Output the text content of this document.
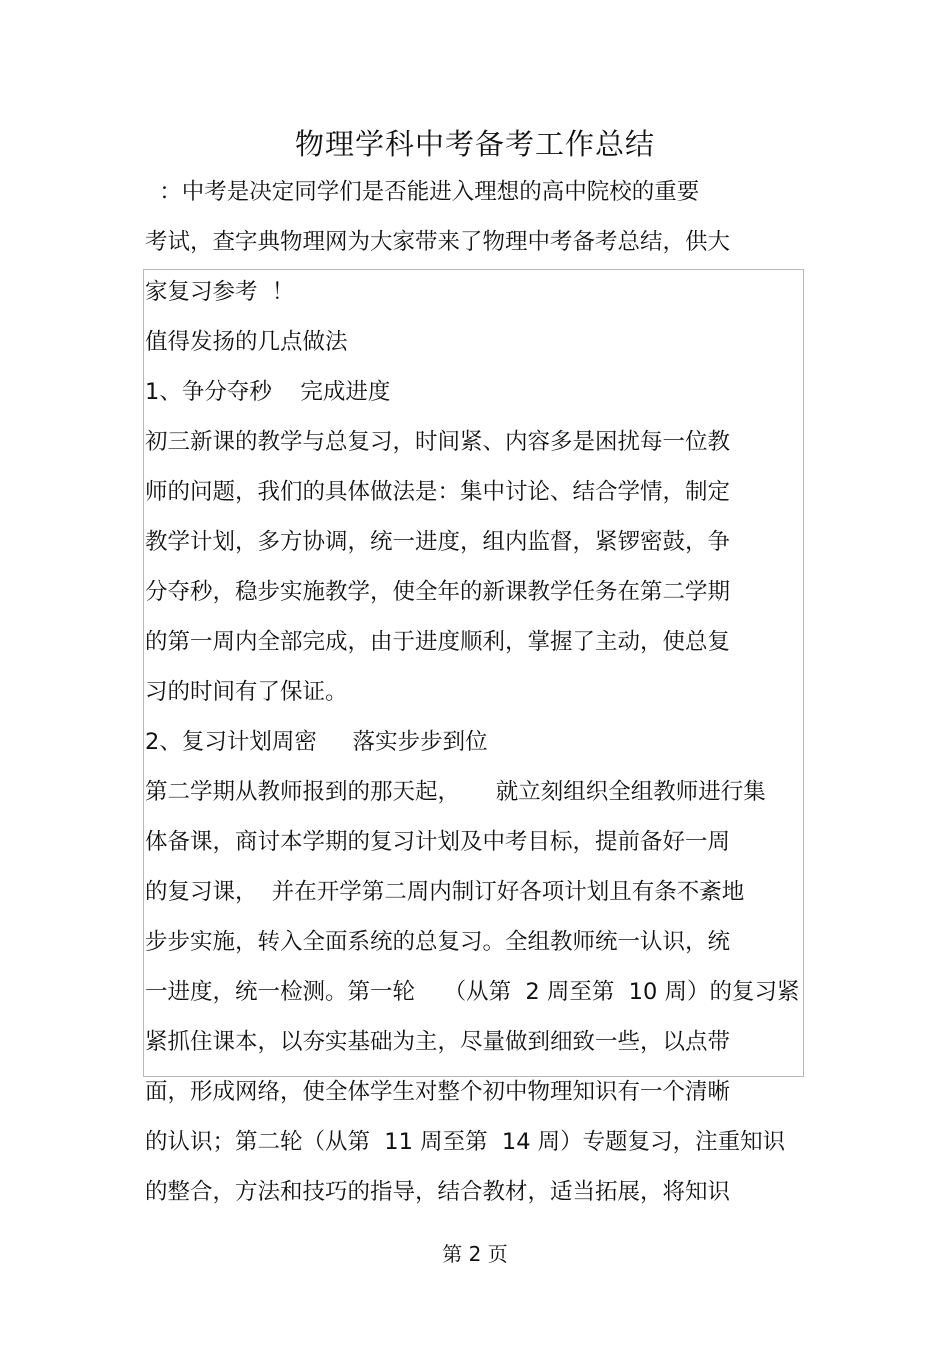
物理学科中考备考工作总结
：中考是决定同学们是否能进入理想的高中院校的重要
考试，查字典物理网为大家带来了物理中考备考总结，供大
家复习参考  ！
值得发扬的几点做法
1、争分夺秒    完成进度
初三新课的教学与总复习，时间紧、内容多是困扰每一位教
师的问题，我们的具体做法是：集中讨论、结合学情，制定
教学计划，多方协调，统一进度，组内监督，紧锣密鼓，争
分夺秒，稳步实施教学，使全年的新课教学任务在第二学期
的第一周内全部完成，由于进度顺利，掌握了主动，使总复
习的时间有了保证。
2、复习计划周密     落实步步到位
第二学期从教师报到的那天起，     就立刻组织全组教师进行集
体备课，商讨本学期的复习计划及中考目标，提前备好一周
的复习课，  并在开学第二周内制订好各项计划且有条不紊地
步步实施，转入全面系统的总复习。全组教师统一认识，统
一进度，统一检测。第一轮    （从第  2 周至第  10 周）的复习紧
紧抓住课本，以夯实基础为主，尽量做到细致一些，以点带
面，形成网络，使全体学生对整个初中物理知识有一个清晰
的认识；第二轮（从第  11 周至第  14 周）专题复习，注重知识
的整合，方法和技巧的指导，结合教材，适当拓展，将知识
第 2 页
